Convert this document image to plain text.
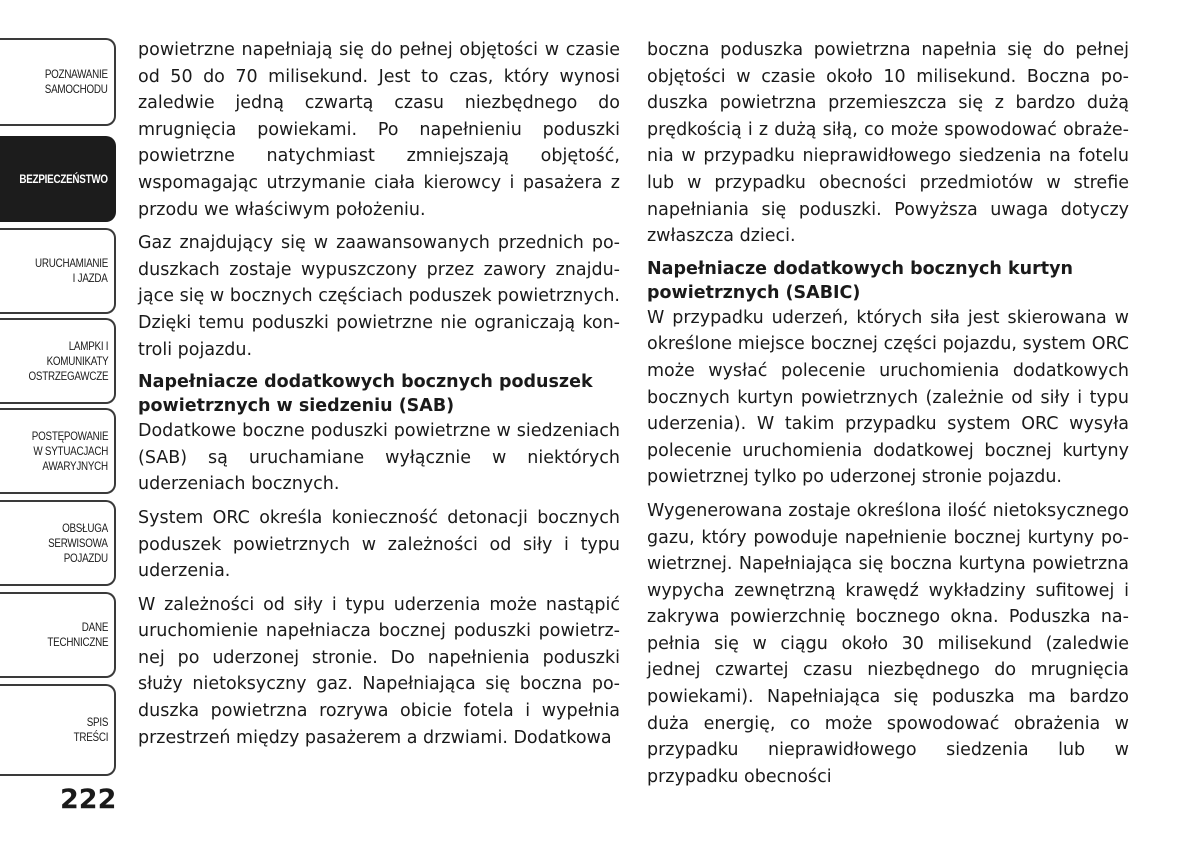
POZNAWANIE
SAMOCHODU
BEZPIECZEŃSTWO
URUCHAMIANIE
I JAZDA
LAMPKI I
KOMUNIKATY
OSTRZEGAWCZE
POSTĘPOWANIE
W SYTUACJACH
AWARYJNYCH
OBSŁUGA
SERWISOWA
POJAZDU
DANE
TECHNICZNE
SPIS
TREŚCI
222

powietrzne napełniają się do pełnej objętości w czasie od 50 do 70 milisekund. Jest to czas, który wynosi zaledwie jedną czwartą czasu niezbędnego do mrugnięcia powiekami. Po napełnieniu poduszki powietrzne natychmiast zmniejszają objętość, wspomagając utrzymanie ciała kierowcy i pasażera z przodu we właściwym położeniu.

Gaz znajdujący się w zaawansowanych przednich poduszkach zostaje wypuszczony przez zawory znajdujące się w bocznych częściach poduszek powietrznych. Dzięki temu poduszki powietrzne nie ograniczają kontroli pojazdu.

Napełniacze dodatkowych bocznych poduszek powietrznych w siedzeniu (SAB)

Dodatkowe boczne poduszki powietrzne w siedzeniach (SAB) są uruchamiane wyłącznie w niektórych uderzeniach bocznych.

System ORC określa konieczność detonacji bocznych poduszek powietrznych w zależności od siły i typu uderzenia.

W zależności od siły i typu uderzenia może nastąpić uruchomienie napełniacza bocznej poduszki powietrznej po uderzonej stronie. Do napełnienia poduszki służy nietoksyczny gaz. Napełniająca się boczna poduszka powietrzna rozrywa obicie fotela i wypełnia przestrzeń między pasażerem a drzwiami. Dodatkowa

boczna poduszka powietrzna napełnia się do pełnej objętości w czasie około 10 milisekund. Boczna poduszka powietrzna przemieszcza się z bardzo dużą prędkością i z dużą siłą, co może spowodować obrażenia w przypadku nieprawidłowego siedzenia na fotelu lub w przypadku obecności przedmiotów w strefie napełniania się poduszki. Powyższa uwaga dotyczy zwłaszcza dzieci.

Napełniacze dodatkowych bocznych kurtyn powietrznych (SABIC)

W przypadku uderzeń, których siła jest skierowana w określone miejsce bocznej części pojazdu, system ORC może wysłać polecenie uruchomienia dodatkowych bocznych kurtyn powietrznych (zależnie od siły i typu uderzenia). W takim przypadku system ORC wysyła polecenie uruchomienia dodatkowej bocznej kurtyny powietrznej tylko po uderzonej stronie pojazdu.

Wygenerowana zostaje określona ilość nietoksycznego gazu, który powoduje napełnienie bocznej kurtyny powietrznej. Napełniająca się boczna kurtyna powietrzna wypycha zewnętrzną krawędź wykładziny sufitowej i zakrywa powierzchnię bocznego okna. Poduszka napełnia się w ciągu około 30 milisekund (zaledwie jednej czwartej czasu niezbędnego do mrugnięcia powiekami). Napełniająca się poduszka ma bardzo duża energię, co może spowodować obrażenia w przypadku nieprawidłowego siedzenia lub w przypadku obecności
